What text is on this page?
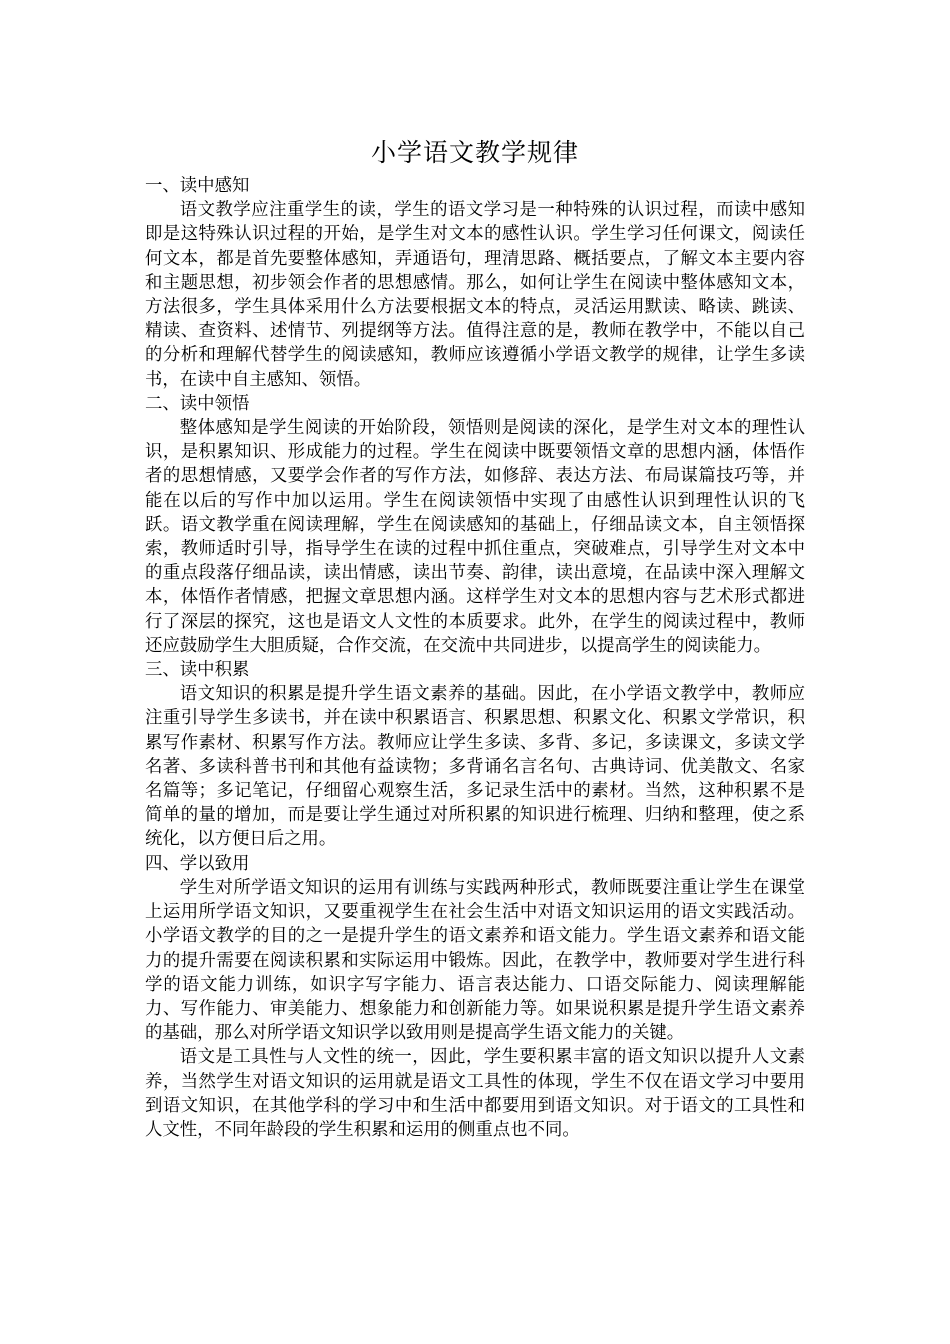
小学语文教学规律

一、读中感知

语文教学应注重学生的读，学生的语文学习是一种特殊的认识过程，而读中感知即是这特殊认识过程的开始，是学生对文本的感性认识。学生学习任何课文，阅读任何文本，都是首先要整体感知，弄通语句，理清思路、概括要点，了解文本主要内容和主题思想，初步领会作者的思想感情。那么，如何让学生在阅读中整体感知文本，方法很多，学生具体采用什么方法要根据文本的特点，灵活运用默读、略读、跳读、精读、查资料、述情节、列提纲等方法。值得注意的是，教师在教学中，不能以自己的分析和理解代替学生的阅读感知，教师应该遵循小学语文教学的规律，让学生多读书，在读中自主感知、领悟。

二、读中领悟

整体感知是学生阅读的开始阶段，领悟则是阅读的深化，是学生对文本的理性认识，是积累知识、形成能力的过程。学生在阅读中既要领悟文章的思想内涵，体悟作者的思想情感，又要学会作者的写作方法，如修辞、表达方法、布局谋篇技巧等，并能在以后的写作中加以运用。学生在阅读领悟中实现了由感性认识到理性认识的飞跃。语文教学重在阅读理解，学生在阅读感知的基础上，仔细品读文本，自主领悟探索，教师适时引导，指导学生在读的过程中抓住重点，突破难点，引导学生对文本中的重点段落仔细品读，读出情感，读出节奏、韵律，读出意境，在品读中深入理解文本，体悟作者情感，把握文章思想内涵。这样学生对文本的思想内容与艺术形式都进行了深层的探究，这也是语文人文性的本质要求。此外，在学生的阅读过程中，教师还应鼓励学生大胆质疑，合作交流，在交流中共同进步，以提高学生的阅读能力。

三、读中积累

语文知识的积累是提升学生语文素养的基础。因此，在小学语文教学中，教师应注重引导学生多读书，并在读中积累语言、积累思想、积累文化、积累文学常识，积累写作素材、积累写作方法。教师应让学生多读、多背、多记，多读课文，多读文学名著、多读科普书刊和其他有益读物；多背诵名言名句、古典诗词、优美散文、名家名篇等；多记笔记，仔细留心观察生活，多记录生活中的素材。当然，这种积累不是简单的量的增加，而是要让学生通过对所积累的知识进行梳理、归纳和整理，使之系统化，以方便日后之用。

四、学以致用

学生对所学语文知识的运用有训练与实践两种形式，教师既要注重让学生在课堂上运用所学语文知识，又要重视学生在社会生活中对语文知识运用的语文实践活动。小学语文教学的目的之一是提升学生的语文素养和语文能力。学生语文素养和语文能力的提升需要在阅读积累和实际运用中锻炼。因此，在教学中，教师要对学生进行科学的语文能力训练，如识字写字能力、语言表达能力、口语交际能力、阅读理解能力、写作能力、审美能力、想象能力和创新能力等。如果说积累是提升学生语文素养的基础，那么对所学语文知识学以致用则是提高学生语文能力的关键。

语文是工具性与人文性的统一，因此，学生要积累丰富的语文知识以提升人文素养，当然学生对语文知识的运用就是语文工具性的体现，学生不仅在语文学习中要用到语文知识，在其他学科的学习中和生活中都要用到语文知识。对于语文的工具性和人文性，不同年龄段的学生积累和运用的侧重点也不同。
